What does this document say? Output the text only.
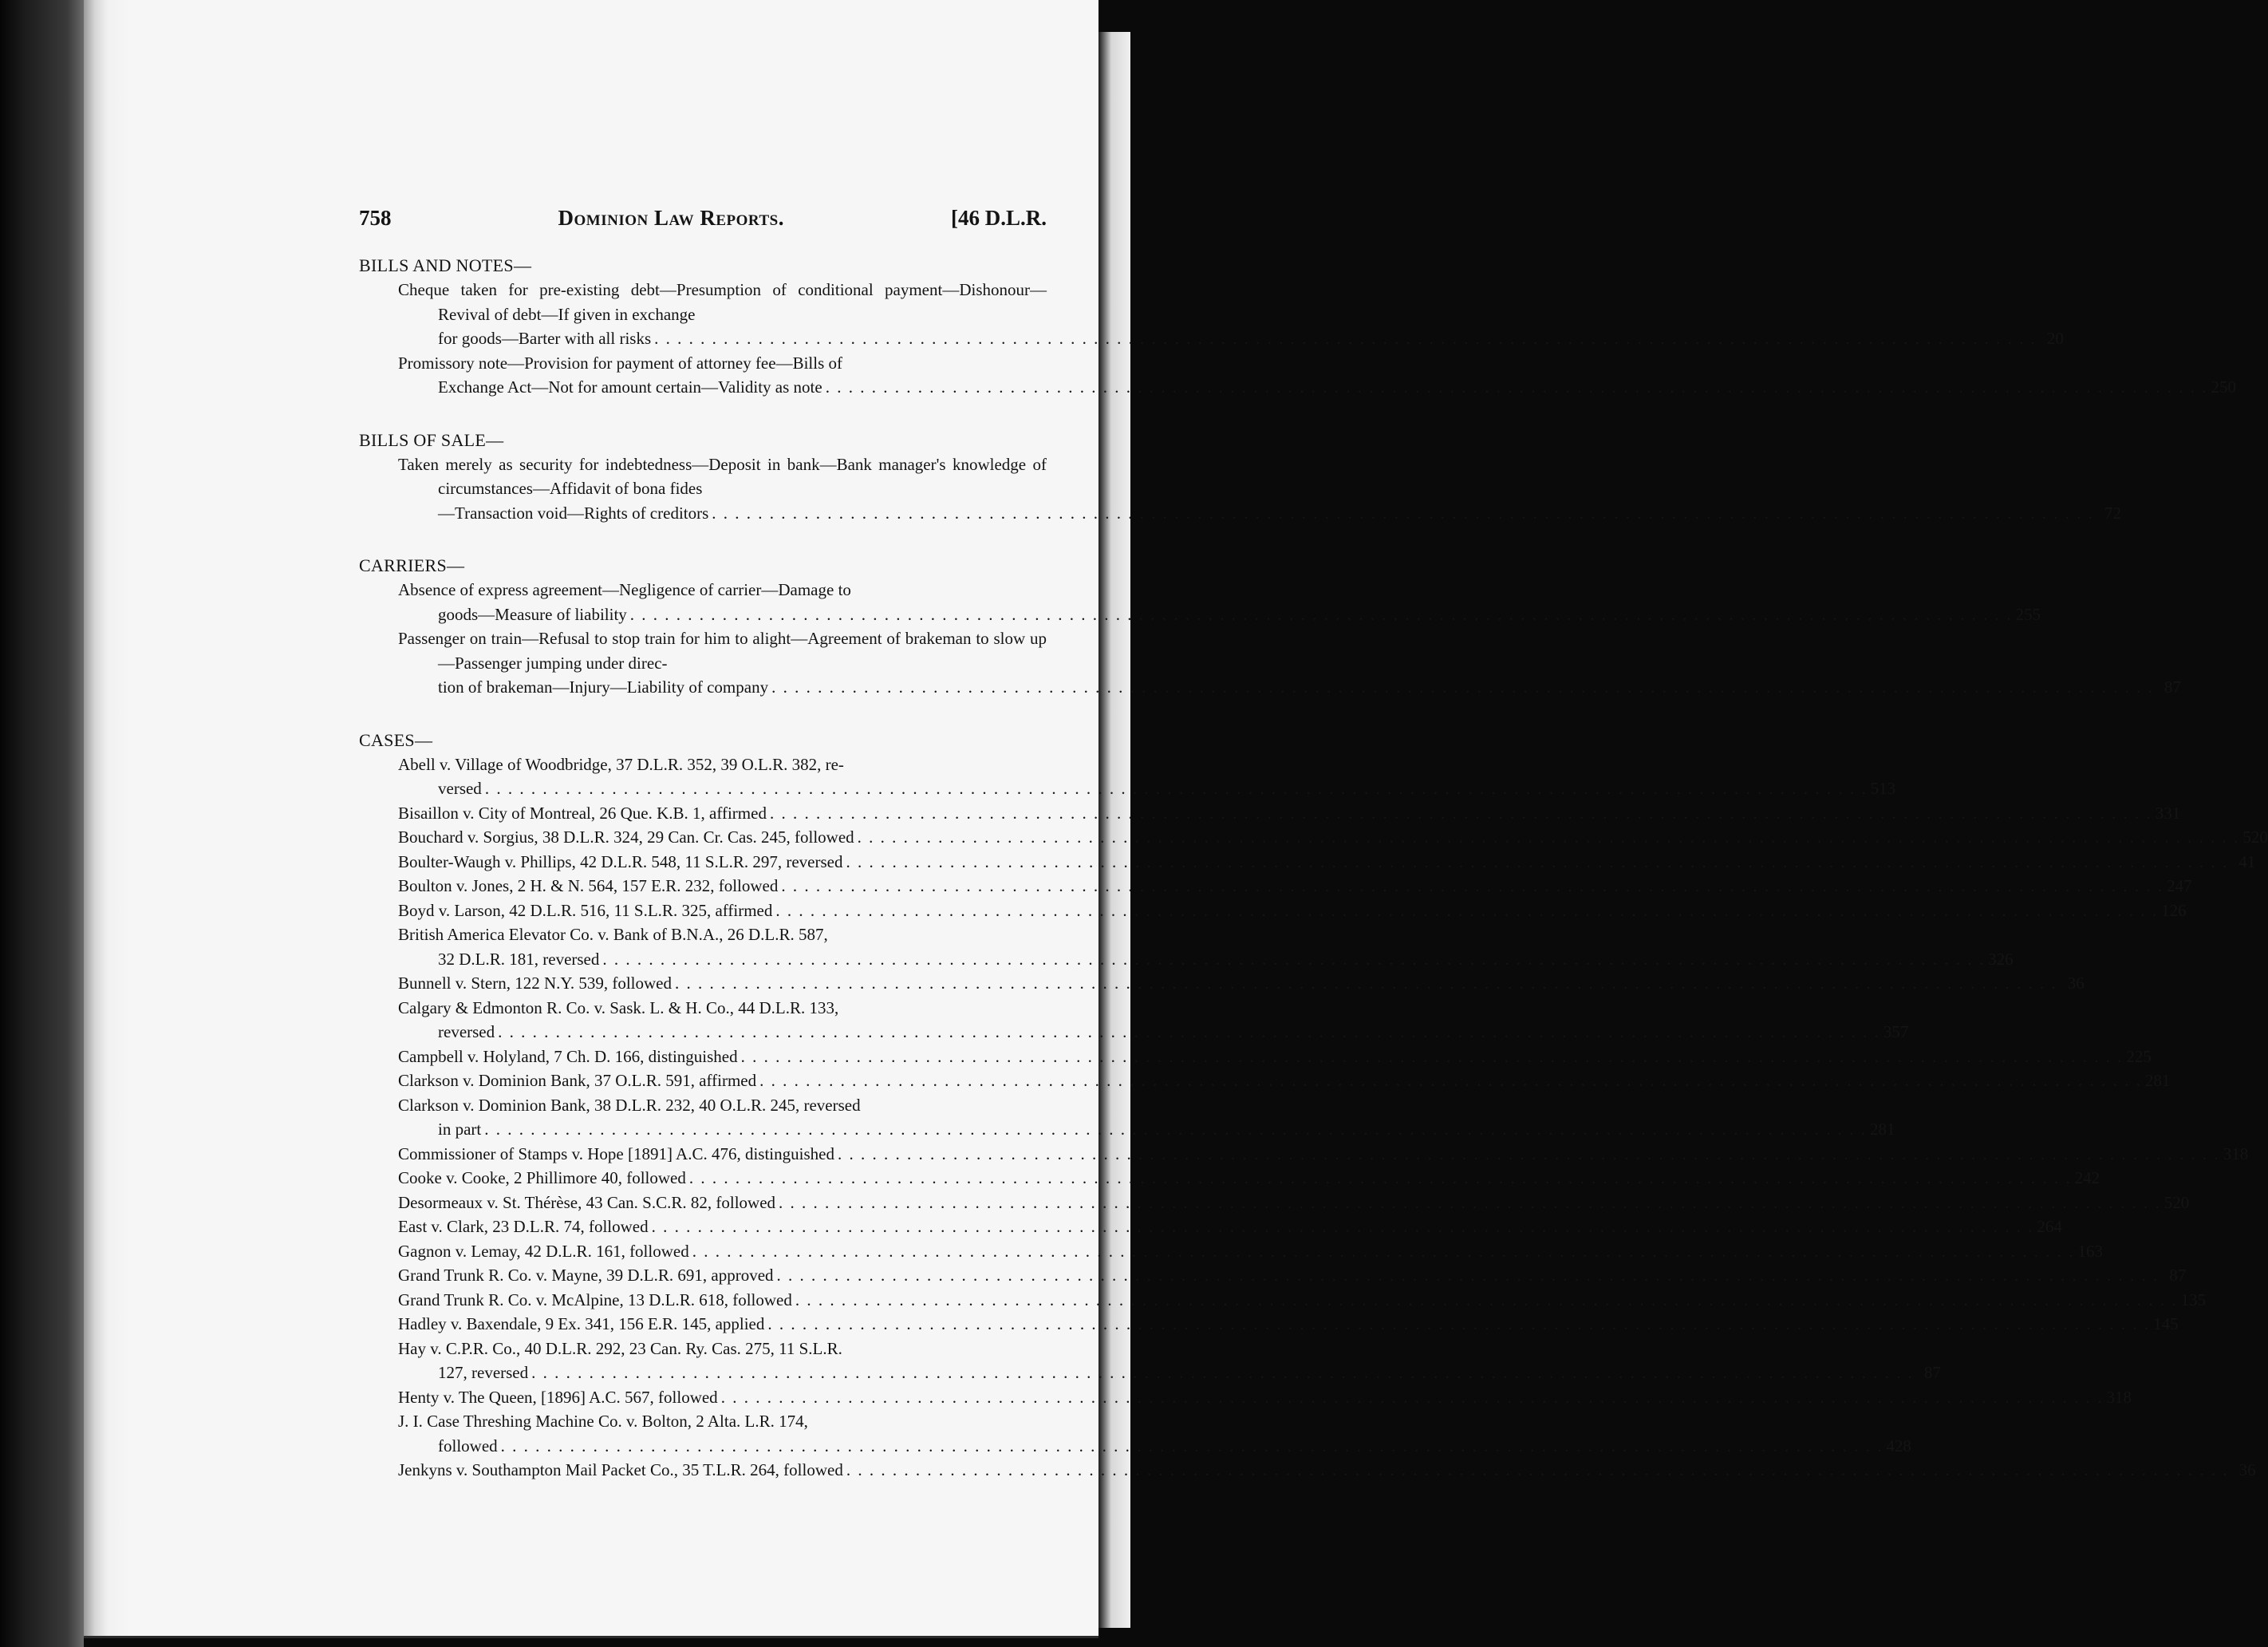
758	Dominion Law Reports.	[46 D.L.R.
BILLS AND NOTES—
Cheque taken for pre-existing debt—Presumption of conditional payment—Dishonour—Revival of debt—If given in exchange
for goods—Barter with all risks . . . . . . . . . . . . . . . . . . . . . . . . . . . . . . . . . . . . . . . . . . . . . . . . . . . . . . . . . . . . . . . . . . . . . . . . . . . . . . . . . . . . . . . . . . . . . . . . . . . . . . . . . . . . . . . . . . . . . . . . 20
Promissory note—Provision for payment of attorney fee—Bills of
Exchange Act—Not for amount certain—Validity as note . . . . . . . . . . . . . . . . . . . . . . . . . . . . . . . . . . . . . . . . . . . . . . . . . . . . . . . . . . . . . . . . . . . . . . . . . . . . . . . . . . . . . . . . . . . . . . . . . . . . . . . . . . . . . . . . . . . . . . . . 250
BILLS OF SALE—
Taken merely as security for indebtedness—Deposit in bank—Bank manager's knowledge of circumstances—Affidavit of bona fides
—Transaction void—Rights of creditors . . . . . . . . . . . . . . . . . . . . . . . . . . . . . . . . . . . . . . . . . . . . . . . . . . . . . . . . . . . . . . . . . . . . . . . . . . . . . . . . . . . . . . . . . . . . . . . . . . . . . . . . . . . . . . . . . . . . . . . . 72
CARRIERS—
Absence of express agreement—Negligence of carrier—Damage to
goods—Measure of liability . . . . . . . . . . . . . . . . . . . . . . . . . . . . . . . . . . . . . . . . . . . . . . . . . . . . . . . . . . . . . . . . . . . . . . . . . . . . . . . . . . . . . . . . . . . . . . . . . . . . . . . . . . . . . . . . . . . . . . . . 255
Passenger on train—Refusal to stop train for him to alight—Agreement of brakeman to slow up—Passenger jumping under direc-
tion of brakeman—Injury—Liability of company . . . . . . . . . . . . . . . . . . . . . . . . . . . . . . . . . . . . . . . . . . . . . . . . . . . . . . . . . . . . . . . . . . . . . . . . . . . . . . . . . . . . . . . . . . . . . . . . . . . . . . . . . . . . . . . . . . . . . . . . 87
CASES—
Abell v. Village of Woodbridge, 37 D.L.R. 352, 39 O.L.R. 382, re-
versed . . . . . . . . . . . . . . . . . . . . . . . . . . . . . . . . . . . . . . . . . . . . . . . . . . . . . . . . . . . . . . . . . . . . . . . . . . . . . . . . . . . . . . . . . . . . . . . . . . . . . . . . . . . . . . . . . . . . . . . . 513
Bisaillon v. City of Montreal, 26 Que. K.B. 1, affirmed . . . . . . . . . . . . . . . . . . . . . . . . . . . . . . . . . . . . . . . . . . . . . . . . . . . . . . . . . . . . . . . . . . . . . . . . . . . . . . . . . . . . . . . . . . . . . . . . . . . . . . . . . . . . . . . . . . . . . . . . 331
Bouchard v. Sorgius, 38 D.L.R. 324, 29 Can. Cr. Cas. 245, followed . . . . . . . . . . . . . . . . . . . . . . . . . . . . . . . . . . . . . . . . . . . . . . . . . . . . . . . . . . . . . . . . . . . . . . . . . . . . . . . . . . . . . . . . . . . . . . . . . . . . . . . . . . . . . . . . . . . . . . . . 520
Boulter-Waugh v. Phillips, 42 D.L.R. 548, 11 S.L.R. 297, reversed . . . . . . . . . . . . . . . . . . . . . . . . . . . . . . . . . . . . . . . . . . . . . . . . . . . . . . . . . . . . . . . . . . . . . . . . . . . . . . . . . . . . . . . . . . . . . . . . . . . . . . . . . . . . . . . . . . . . . . . . 41
Boulton v. Jones, 2 H. & N. 564, 157 E.R. 232, followed . . . . . . . . . . . . . . . . . . . . . . . . . . . . . . . . . . . . . . . . . . . . . . . . . . . . . . . . . . . . . . . . . . . . . . . . . . . . . . . . . . . . . . . . . . . . . . . . . . . . . . . . . . . . . . . . . . . . . . . . 247
Boyd v. Larson, 42 D.L.R. 516, 11 S.L.R. 325, affirmed . . . . . . . . . . . . . . . . . . . . . . . . . . . . . . . . . . . . . . . . . . . . . . . . . . . . . . . . . . . . . . . . . . . . . . . . . . . . . . . . . . . . . . . . . . . . . . . . . . . . . . . . . . . . . . . . . . . . . . . . 126
British America Elevator Co. v. Bank of B.N.A., 26 D.L.R. 587,
32 D.L.R. 181, reversed . . . . . . . . . . . . . . . . . . . . . . . . . . . . . . . . . . . . . . . . . . . . . . . . . . . . . . . . . . . . . . . . . . . . . . . . . . . . . . . . . . . . . . . . . . . . . . . . . . . . . . . . . . . . . . . . . . . . . . . . 326
Bunnell v. Stern, 122 N.Y. 539, followed . . . . . . . . . . . . . . . . . . . . . . . . . . . . . . . . . . . . . . . . . . . . . . . . . . . . . . . . . . . . . . . . . . . . . . . . . . . . . . . . . . . . . . . . . . . . . . . . . . . . . . . . . . . . . . . . . . . . . . . . 36
Calgary & Edmonton R. Co. v. Sask. L. & H. Co., 44 D.L.R. 133,
reversed . . . . . . . . . . . . . . . . . . . . . . . . . . . . . . . . . . . . . . . . . . . . . . . . . . . . . . . . . . . . . . . . . . . . . . . . . . . . . . . . . . . . . . . . . . . . . . . . . . . . . . . . . . . . . . . . . . . . . . . . 357
Campbell v. Holyland, 7 Ch. D. 166, distinguished . . . . . . . . . . . . . . . . . . . . . . . . . . . . . . . . . . . . . . . . . . . . . . . . . . . . . . . . . . . . . . . . . . . . . . . . . . . . . . . . . . . . . . . . . . . . . . . . . . . . . . . . . . . . . . . . . . . . . . . . 225
Clarkson v. Dominion Bank, 37 O.L.R. 591, affirmed . . . . . . . . . . . . . . . . . . . . . . . . . . . . . . . . . . . . . . . . . . . . . . . . . . . . . . . . . . . . . . . . . . . . . . . . . . . . . . . . . . . . . . . . . . . . . . . . . . . . . . . . . . . . . . . . . . . . . . . . 281
Clarkson v. Dominion Bank, 38 D.L.R. 232, 40 O.L.R. 245, reversed
in part . . . . . . . . . . . . . . . . . . . . . . . . . . . . . . . . . . . . . . . . . . . . . . . . . . . . . . . . . . . . . . . . . . . . . . . . . . . . . . . . . . . . . . . . . . . . . . . . . . . . . . . . . . . . . . . . . . . . . . . . 281
Commissioner of Stamps v. Hope [1891] A.C. 476, distinguished . . . . . . . . . . . . . . . . . . . . . . . . . . . . . . . . . . . . . . . . . . . . . . . . . . . . . . . . . . . . . . . . . . . . . . . . . . . . . . . . . . . . . . . . . . . . . . . . . . . . . . . . . . . . . . . . . . . . . . . . 318
Cooke v. Cooke, 2 Phillimore 40, followed . . . . . . . . . . . . . . . . . . . . . . . . . . . . . . . . . . . . . . . . . . . . . . . . . . . . . . . . . . . . . . . . . . . . . . . . . . . . . . . . . . . . . . . . . . . . . . . . . . . . . . . . . . . . . . . . . . . . . . . . 242
Desormeaux v. St. Thérèse, 43 Can. S.C.R. 82, followed . . . . . . . . . . . . . . . . . . . . . . . . . . . . . . . . . . . . . . . . . . . . . . . . . . . . . . . . . . . . . . . . . . . . . . . . . . . . . . . . . . . . . . . . . . . . . . . . . . . . . . . . . . . . . . . . . . . . . . . . 520
East v. Clark, 23 D.L.R. 74, followed . . . . . . . . . . . . . . . . . . . . . . . . . . . . . . . . . . . . . . . . . . . . . . . . . . . . . . . . . . . . . . . . . . . . . . . . . . . . . . . . . . . . . . . . . . . . . . . . . . . . . . . . . . . . . . . . . . . . . . . . 264
Gagnon v. Lemay, 42 D.L.R. 161, followed . . . . . . . . . . . . . . . . . . . . . . . . . . . . . . . . . . . . . . . . . . . . . . . . . . . . . . . . . . . . . . . . . . . . . . . . . . . . . . . . . . . . . . . . . . . . . . . . . . . . . . . . . . . . . . . . . . . . . . . . 163
Grand Trunk R. Co. v. Mayne, 39 D.L.R. 691, approved . . . . . . . . . . . . . . . . . . . . . . . . . . . . . . . . . . . . . . . . . . . . . . . . . . . . . . . . . . . . . . . . . . . . . . . . . . . . . . . . . . . . . . . . . . . . . . . . . . . . . . . . . . . . . . . . . . . . . . . . 87
Grand Trunk R. Co. v. McAlpine, 13 D.L.R. 618, followed . . . . . . . . . . . . . . . . . . . . . . . . . . . . . . . . . . . . . . . . . . . . . . . . . . . . . . . . . . . . . . . . . . . . . . . . . . . . . . . . . . . . . . . . . . . . . . . . . . . . . . . . . . . . . . . . . . . . . . . . 135
Hadley v. Baxendale, 9 Ex. 341, 156 E.R. 145, applied . . . . . . . . . . . . . . . . . . . . . . . . . . . . . . . . . . . . . . . . . . . . . . . . . . . . . . . . . . . . . . . . . . . . . . . . . . . . . . . . . . . . . . . . . . . . . . . . . . . . . . . . . . . . . . . . . . . . . . . . 145
Hay v. C.P.R. Co., 40 D.L.R. 292, 23 Can. Ry. Cas. 275, 11 S.L.R.
127, reversed . . . . . . . . . . . . . . . . . . . . . . . . . . . . . . . . . . . . . . . . . . . . . . . . . . . . . . . . . . . . . . . . . . . . . . . . . . . . . . . . . . . . . . . . . . . . . . . . . . . . . . . . . . . . . . . . . . . . . . . . 87
Henty v. The Queen, [1896] A.C. 567, followed . . . . . . . . . . . . . . . . . . . . . . . . . . . . . . . . . . . . . . . . . . . . . . . . . . . . . . . . . . . . . . . . . . . . . . . . . . . . . . . . . . . . . . . . . . . . . . . . . . . . . . . . . . . . . . . . . . . . . . . . 318
J. I. Case Threshing Machine Co. v. Bolton, 2 Alta. L.R. 174,
followed . . . . . . . . . . . . . . . . . . . . . . . . . . . . . . . . . . . . . . . . . . . . . . . . . . . . . . . . . . . . . . . . . . . . . . . . . . . . . . . . . . . . . . . . . . . . . . . . . . . . . . . . . . . . . . . . . . . . . . . . 428
Jenkyns v. Southampton Mail Packet Co., 35 T.L.R. 264, followed . . . . . . . . . . . . . . . . . . . . . . . . . . . . . . . . . . . . . . . . . . . . . . . . . . . . . . . . . . . . . . . . . . . . . . . . . . . . . . . . . . . . . . . . . . . . . . . . . . . . . . . . . . . . . . . . . . . . . . . . 36
